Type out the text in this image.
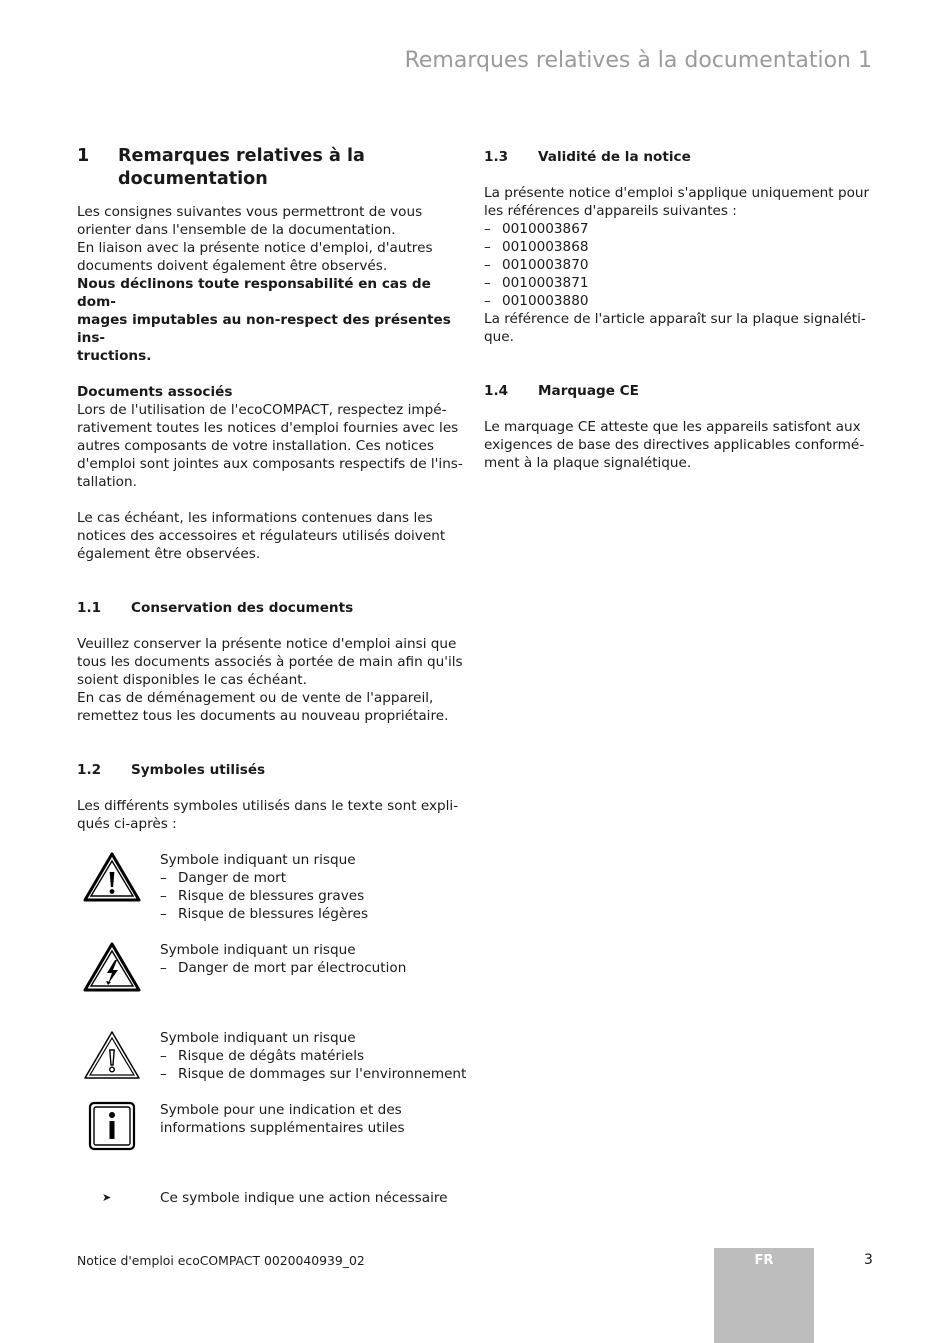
Remarques relatives à la documentation 1
1	Remarques relatives à la
documentation

Les consignes suivantes vous permettront de vous
orienter dans l'ensemble de la documentation.
En liaison avec la présente notice d'emploi, d'autres
documents doivent également être observés.

Nous déclinons toute responsabilité en cas de dom-
mages imputables au non-respect des présentes ins-
tructions.

Documents associés

Lors de l'utilisation de l'ecoCOMPACT, respectez impé-
rativement toutes les notices d'emploi fournies avec les
autres composants de votre installation. Ces notices
d'emploi sont jointes aux composants respectifs de l'ins-
tallation.

Le cas échéant, les informations contenues dans les
notices des accessoires et régulateurs utilisés doivent
également être observées.

1.1	Conservation des documents

Veuillez conserver la présente notice d'emploi ainsi que
tous les documents associés à portée de main afin qu'ils
soient disponibles le cas échéant.
En cas de déménagement ou de vente de l'appareil,
remettez tous les documents au nouveau propriétaire.

1.2	Symboles utilisés

Les différents symboles utilisés dans le texte sont expli-
qués ci-après :

Symbole indiquant un risque

– Danger de mort
– Risque de blessures graves
– Risque de blessures légères

Symbole indiquant un risque

– Danger de mort par électrocution

Symbole indiquant un risque

– Risque de dégâts matériels
– Risque de dommages sur l'environnement

Symbole pour une indication et des
informations supplémentaires utiles

➤	Ce symbole indique une action nécessaire

1.3	Validité de la notice

La présente notice d'emploi s'applique uniquement pour
les références d'appareils suivantes :

– 0010003867
– 0010003868
– 0010003870
– 0010003871
– 0010003880

La référence de l'article apparaît sur la plaque signaléti-
que.

1.4	Marquage CE

Le marquage CE atteste que les appareils satisfont aux
exigences de base des directives applicables conformé-
ment à la plaque signalétique.

Notice d'emploi ecoCOMPACT 0020040939_02	FR	3
